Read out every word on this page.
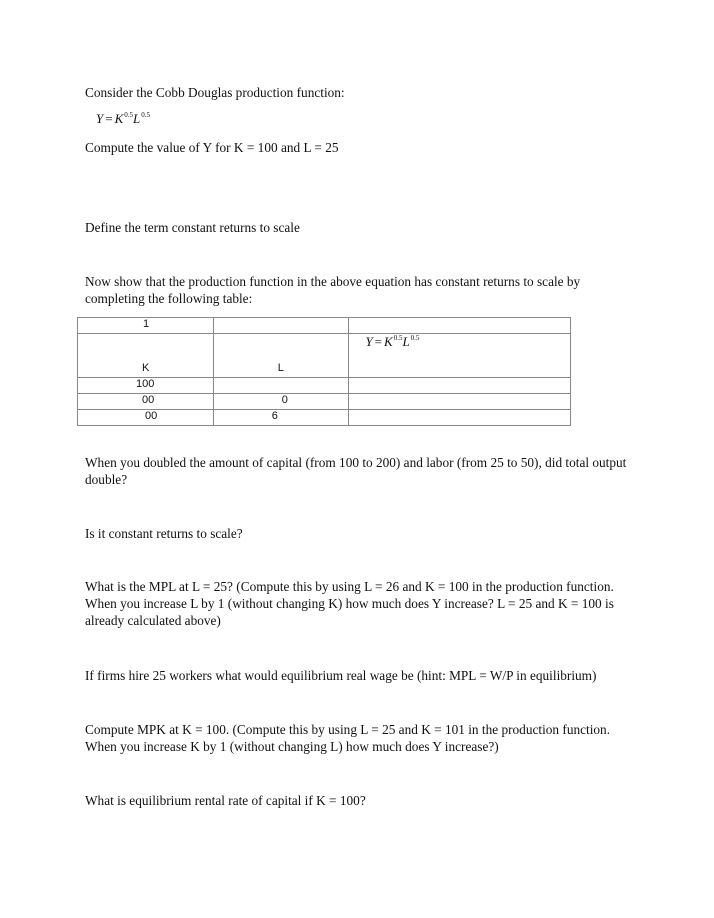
Consider the Cobb Douglas production function:
$Y = K^{0.5}L^{0.5}$
Compute the value of Y for K = 100 and L = 25
Define the term constant returns to scale
Now show that the production function in the above equation has constant returns to scale by completing the following table:
1		

K	L	$Y = K^{0.5}L^{0.5}$

100		

00	0	

00	6	

When you doubled the amount of capital (from 100 to 200) and labor (from 25 to 50), did total output double?
Is it constant returns to scale?
What is the MPL at L = 25? (Compute this by using L = 26 and K = 100 in the production function. When you increase L by 1 (without changing K) how much does Y increase? L = 25 and K = 100 is already calculated above)
If firms hire 25 workers what would equilibrium real wage be (hint: MPL = W/P in equilibrium)
Compute MPK at K = 100. (Compute this by using L = 25 and K = 101 in the production function. When you increase K by 1 (without changing L) how much does Y increase?)
What is equilibrium rental rate of capital if K = 100?
